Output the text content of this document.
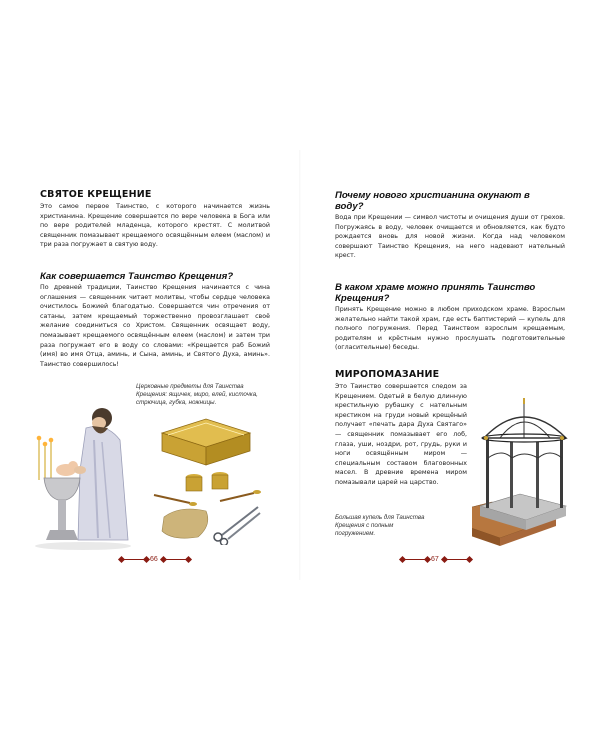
СВЯТОЕ КРЕЩЕНИЕ

Это самое первое Таинство, с которого начинается жизнь христианина. Крещение совершается по вере человека в Бога или по вере родителей младенца, которого крестят. С молитвой священник помазывает крещаемого освящённым елеем (маслом) и три раза погружает в святую воду.

Как совершается Таинство Крещения?

По древней традиции, Таинство Крещения начинается с чина оглашения — священник читает молитвы, чтобы сердце человека очистилось Божией благодатью. Совершается чин отречения от сатаны, затем крещаемый торжественно провозглашает своё желание соединиться со Христом. Священник освящает воду, помазывает крещаемого освящённым елеем (маслом) и затем три раза погружает его в воду со словами: «Крещается раб Божий (имя) во имя Отца, аминь, и Сына, аминь, и Святого Духа, аминь». Таинство совершилось!

Церковные предметы для Таинства Крещения: ящичек, миро, елей, кисточка, стрючица, губка, ножницы.
66
Почему нового христианина окунают в воду?

Вода при Крещении — символ чистоты и очищения души от грехов. Погружаясь в воду, человек очищается и обновляется, как будто рождается вновь для новой жизни. Когда над человеком совершают Таинство Крещения, на него надевают нательный крест.

В каком храме можно принять Таинство Крещения?

Принять Крещение можно в любом приходском храме. Взрослым желательно найти такой храм, где есть баптистерий — купель для полного погружения. Перед Таинством взрослым крещаемым, родителям и крёстным нужно прослушать подготовительные (огласительные) беседы.

МИРОПОМАЗАНИЕ

Это Таинство совершается следом за Крещением. Одетый в белую длинную крестильную рубашку с нательным крестиком на груди новый крещёный получает «печать дара Духа Святаго» — священник помазывает его лоб, глаза, уши, ноздри, рот, грудь, руки и ноги освящённым миром — специальным составом благовонных масел. В древние времена миром помазывали царей на царство.

Большая купель для Таинства Крещения с полным погружением.
67
